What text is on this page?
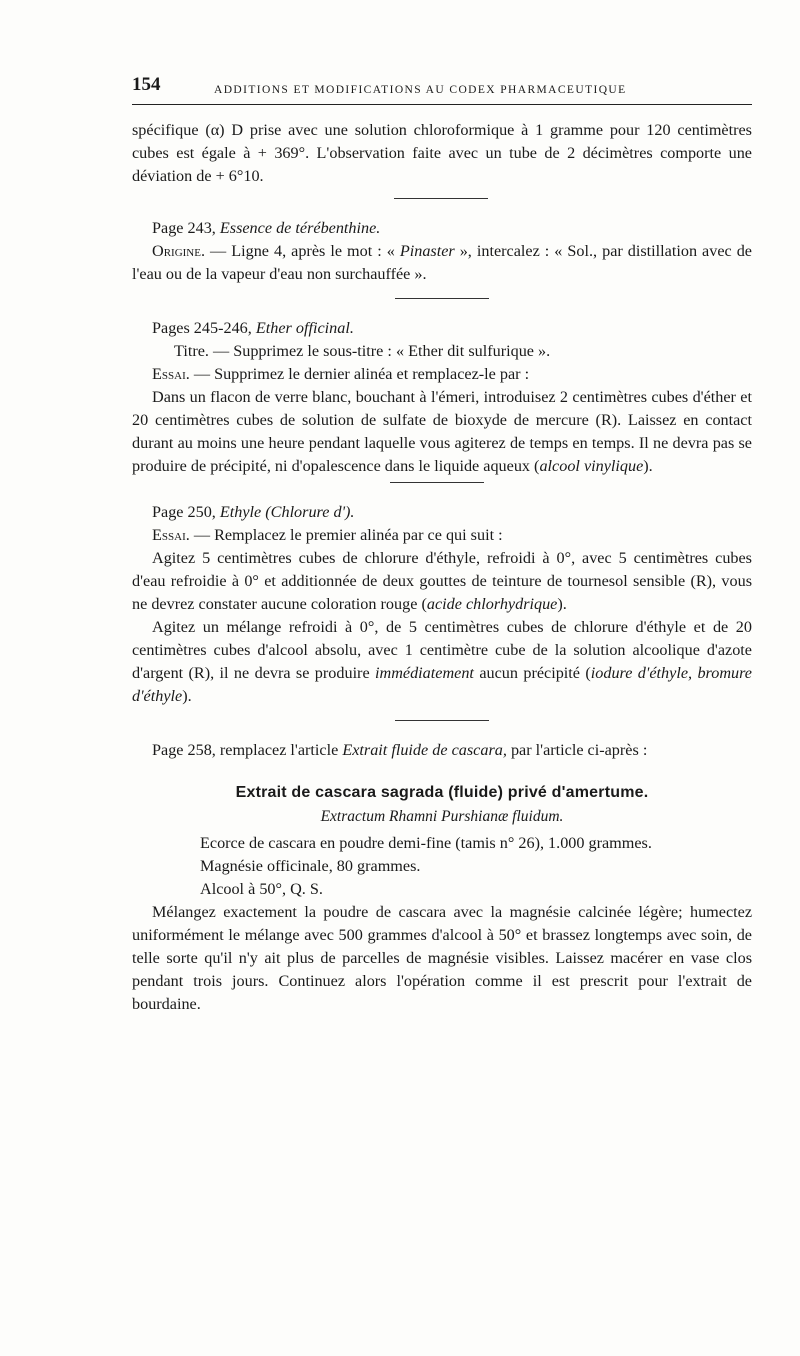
154	ADDITIONS ET MODIFICATIONS AU CODEX PHARMACEUTIQUE

spécifique (α) D prise avec une solution chloroformique à 1 gramme pour 120 centimètres cubes est égale à + 369°. L'observation faite avec un tube de 2 décimètres comporte une déviation de + 6°10.

Page 243, Essence de térébenthine.

Origine. — Ligne 4, après le mot : « Pinaster », intercalez : « Sol., par distillation avec de l'eau ou de la vapeur d'eau non surchauffée ».

Pages 245-246, Ether officinal.

Titre. — Supprimez le sous-titre : « Ether dit sulfurique ».

Essai. — Supprimez le dernier alinéa et remplacez-le par :

Dans un flacon de verre blanc, bouchant à l'émeri, introduisez 2 centimètres cubes d'éther et 20 centimètres cubes de solution de sulfate de bioxyde de mercure (R). Laissez en contact durant au moins une heure pendant laquelle vous agiterez de temps en temps. Il ne devra pas se produire de précipité, ni d'opalescence dans le liquide aqueux (alcool vinylique).

Page 250, Ethyle (Chlorure d').

Essai. — Remplacez le premier alinéa par ce qui suit :

Agitez 5 centimètres cubes de chlorure d'éthyle, refroidi à 0°, avec 5 centimètres cubes d'eau refroidie à 0° et additionnée de deux gouttes de teinture de tournesol sensible (R), vous ne devrez constater aucune coloration rouge (acide chlorhydrique).

Agitez un mélange refroidi à 0°, de 5 centimètres cubes de chlorure d'éthyle et de 20 centimètres cubes d'alcool absolu, avec 1 centimètre cube de la solution alcoolique d'azote d'argent (R), il ne devra se produire immédiatement aucun précipité (iodure d'éthyle, bromure d'éthyle).

Page 258, remplacez l'article Extrait fluide de cascara, par l'article ci-après :

Extrait de cascara sagrada (fluide) privé d'amertume.
Extractum Rhamni Purshianæ fluidum.

Ecorce de cascara en poudre demi-fine (tamis n° 26), 1.000 grammes.

Magnésie officinale, 80 grammes.

Alcool à 50°, Q. S.

Mélangez exactement la poudre de cascara avec la magnésie calcinée légère; humectez uniformément le mélange avec 500 grammes d'alcool à 50° et brassez longtemps avec soin, de telle sorte qu'il n'y ait plus de parcelles de magnésie visibles. Laissez macérer en vase clos pendant trois jours. Continuez alors l'opération comme il est prescrit pour l'extrait de bourdaine.
